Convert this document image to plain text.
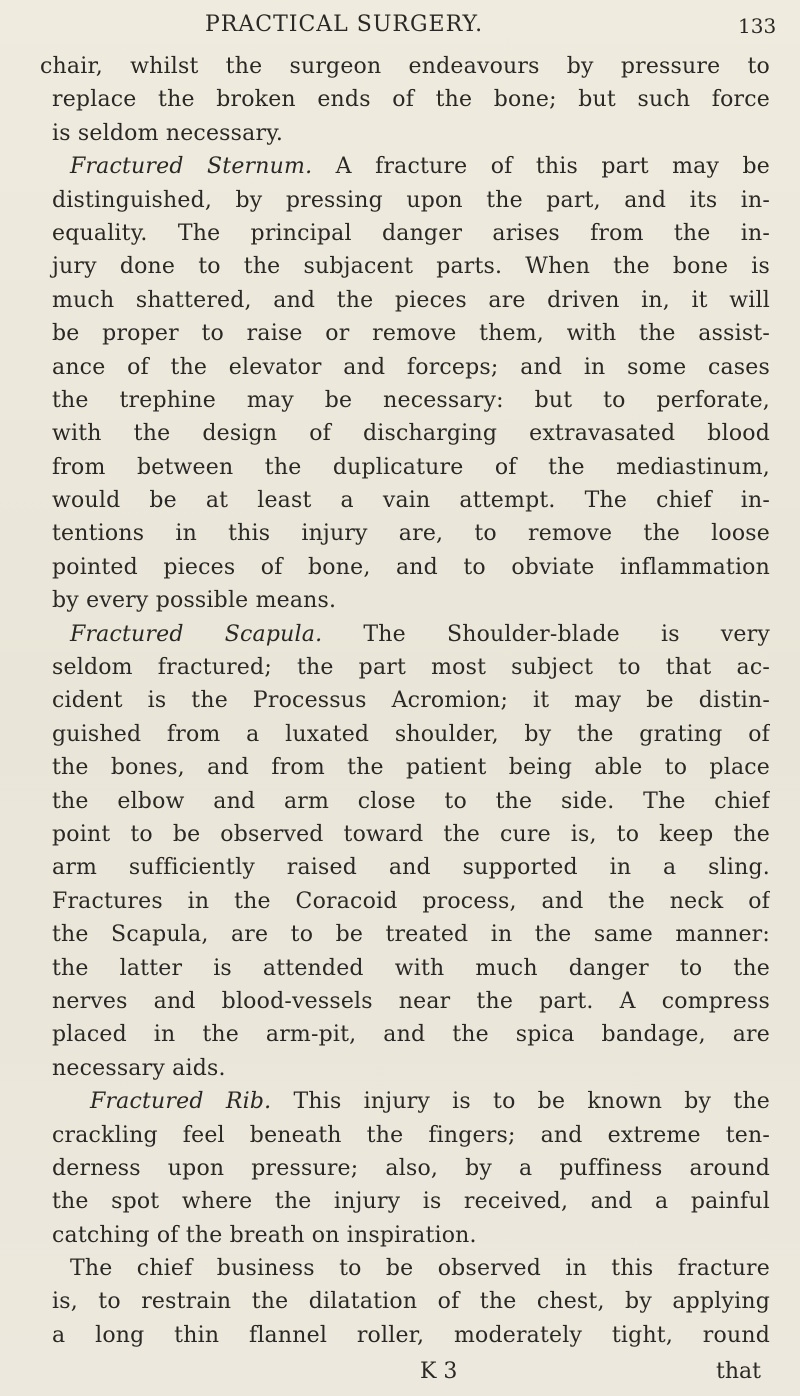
PRACTICAL SURGERY.	133
chair, whilst the surgeon endeavours by pressure to
replace the broken ends of the bone; but such force
is seldom necessary.
Fractured Sternum. A fracture of this part may be
distinguished, by pressing upon the part, and its in-
equality. The principal danger arises from the in-
jury done to the subjacent parts. When the bone is
much shattered, and the pieces are driven in, it will
be proper to raise or remove them, with the assist-
ance of the elevator and forceps; and in some cases
the trephine may be necessary: but to perforate,
with the design of discharging extravasated blood
from between the duplicature of the mediastinum,
would be at least a vain attempt. The chief in-
tentions in this injury are, to remove the loose
pointed pieces of bone, and to obviate inflammation
by every possible means.
Fractured Scapula. The Shoulder-blade is very
seldom fractured; the part most subject to that ac-
cident is the Processus Acromion; it may be distin-
guished from a luxated shoulder, by the grating of
the bones, and from the patient being able to place
the elbow and arm close to the side. The chief
point to be observed toward the cure is, to keep the
arm sufficiently raised and supported in a sling.
Fractures in the Coracoid process, and the neck of
the Scapula, are to be treated in the same manner:
the latter is attended with much danger to the
nerves and blood-vessels near the part. A compress
placed in the arm-pit, and the spica bandage, are
necessary aids.
Fractured Rib. This injury is to be known by the
crackling feel beneath the fingers; and extreme ten-
derness upon pressure; also, by a puffiness around
the spot where the injury is received, and a painful
catching of the breath on inspiration.
The chief business to be observed in this fracture
is, to restrain the dilatation of the chest, by applying
a long thin flannel roller, moderately tight, round
K 3	that
